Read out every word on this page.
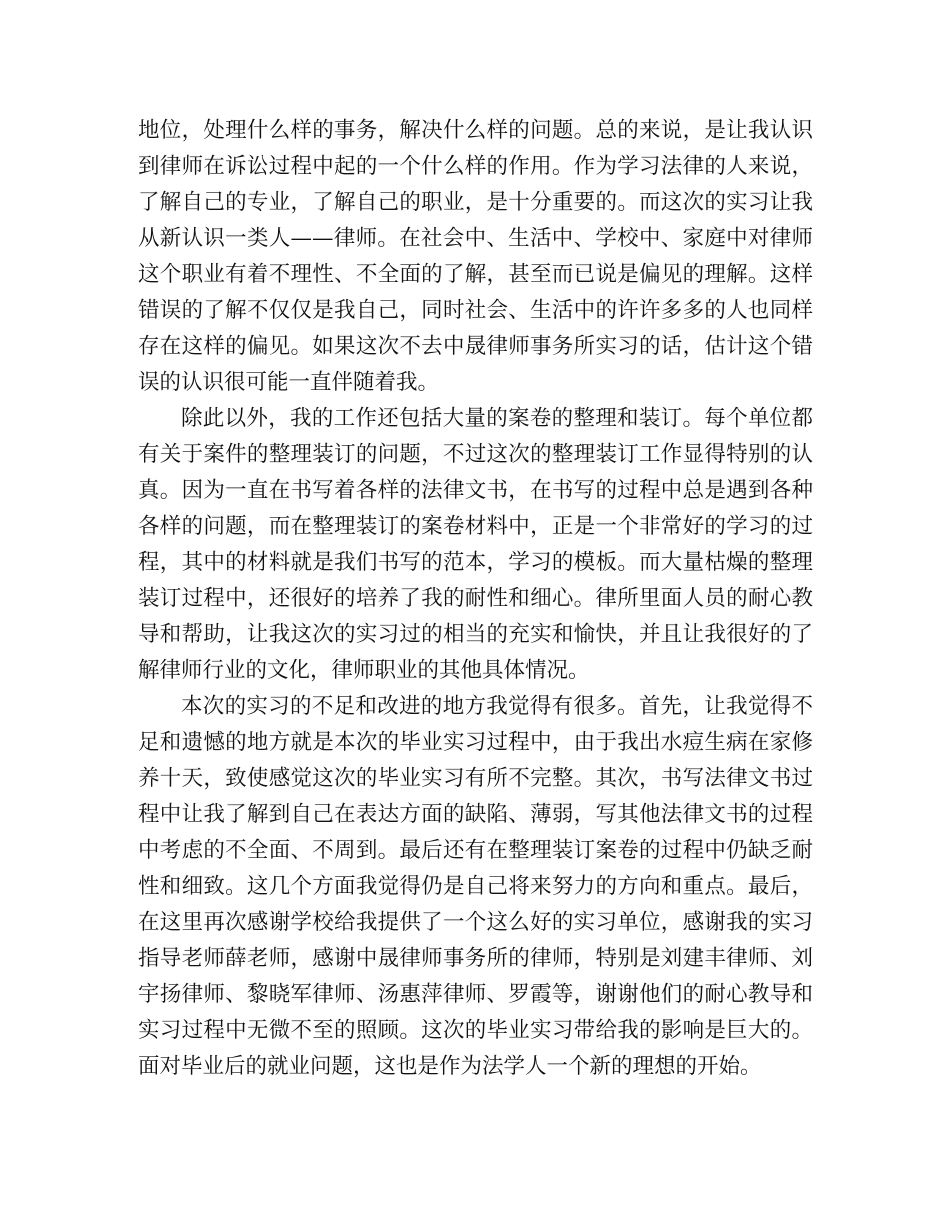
地位，处理什么样的事务，解决什么样的问题。总的来说，是让我认识
到律师在诉讼过程中起的一个什么样的作用。作为学习法律的人来说，
了解自己的专业，了解自己的职业，是十分重要的。而这次的实习让我
从新认识一类人——律师。在社会中、生活中、学校中、家庭中对律师
这个职业有着不理性、不全面的了解，甚至而已说是偏见的理解。这样
错误的了解不仅仅是我自己，同时社会、生活中的许许多多的人也同样
存在这样的偏见。如果这次不去中晟律师事务所实习的话，估计这个错
误的认识很可能一直伴随着我。
除此以外，我的工作还包括大量的案卷的整理和装订。每个单位都
有关于案件的整理装订的问题，不过这次的整理装订工作显得特别的认
真。因为一直在书写着各样的法律文书，在书写的过程中总是遇到各种
各样的问题，而在整理装订的案卷材料中，正是一个非常好的学习的过
程，其中的材料就是我们书写的范本，学习的模板。而大量枯燥的整理
装订过程中，还很好的培养了我的耐性和细心。律所里面人员的耐心教
导和帮助，让我这次的实习过的相当的充实和愉快，并且让我很好的了
解律师行业的文化，律师职业的其他具体情况。
本次的实习的不足和改进的地方我觉得有很多。首先，让我觉得不
足和遗憾的地方就是本次的毕业实习过程中，由于我出水痘生病在家修
养十天，致使感觉这次的毕业实习有所不完整。其次，书写法律文书过
程中让我了解到自己在表达方面的缺陷、薄弱，写其他法律文书的过程
中考虑的不全面、不周到。最后还有在整理装订案卷的过程中仍缺乏耐
性和细致。这几个方面我觉得仍是自己将来努力的方向和重点。最后，
在这里再次感谢学校给我提供了一个这么好的实习单位，感谢我的实习
指导老师薛老师，感谢中晟律师事务所的律师，特别是刘建丰律师、刘
宇扬律师、黎晓军律师、汤惠萍律师、罗霞等，谢谢他们的耐心教导和
实习过程中无微不至的照顾。这次的毕业实习带给我的影响是巨大的。
面对毕业后的就业问题，这也是作为法学人一个新的理想的开始。
